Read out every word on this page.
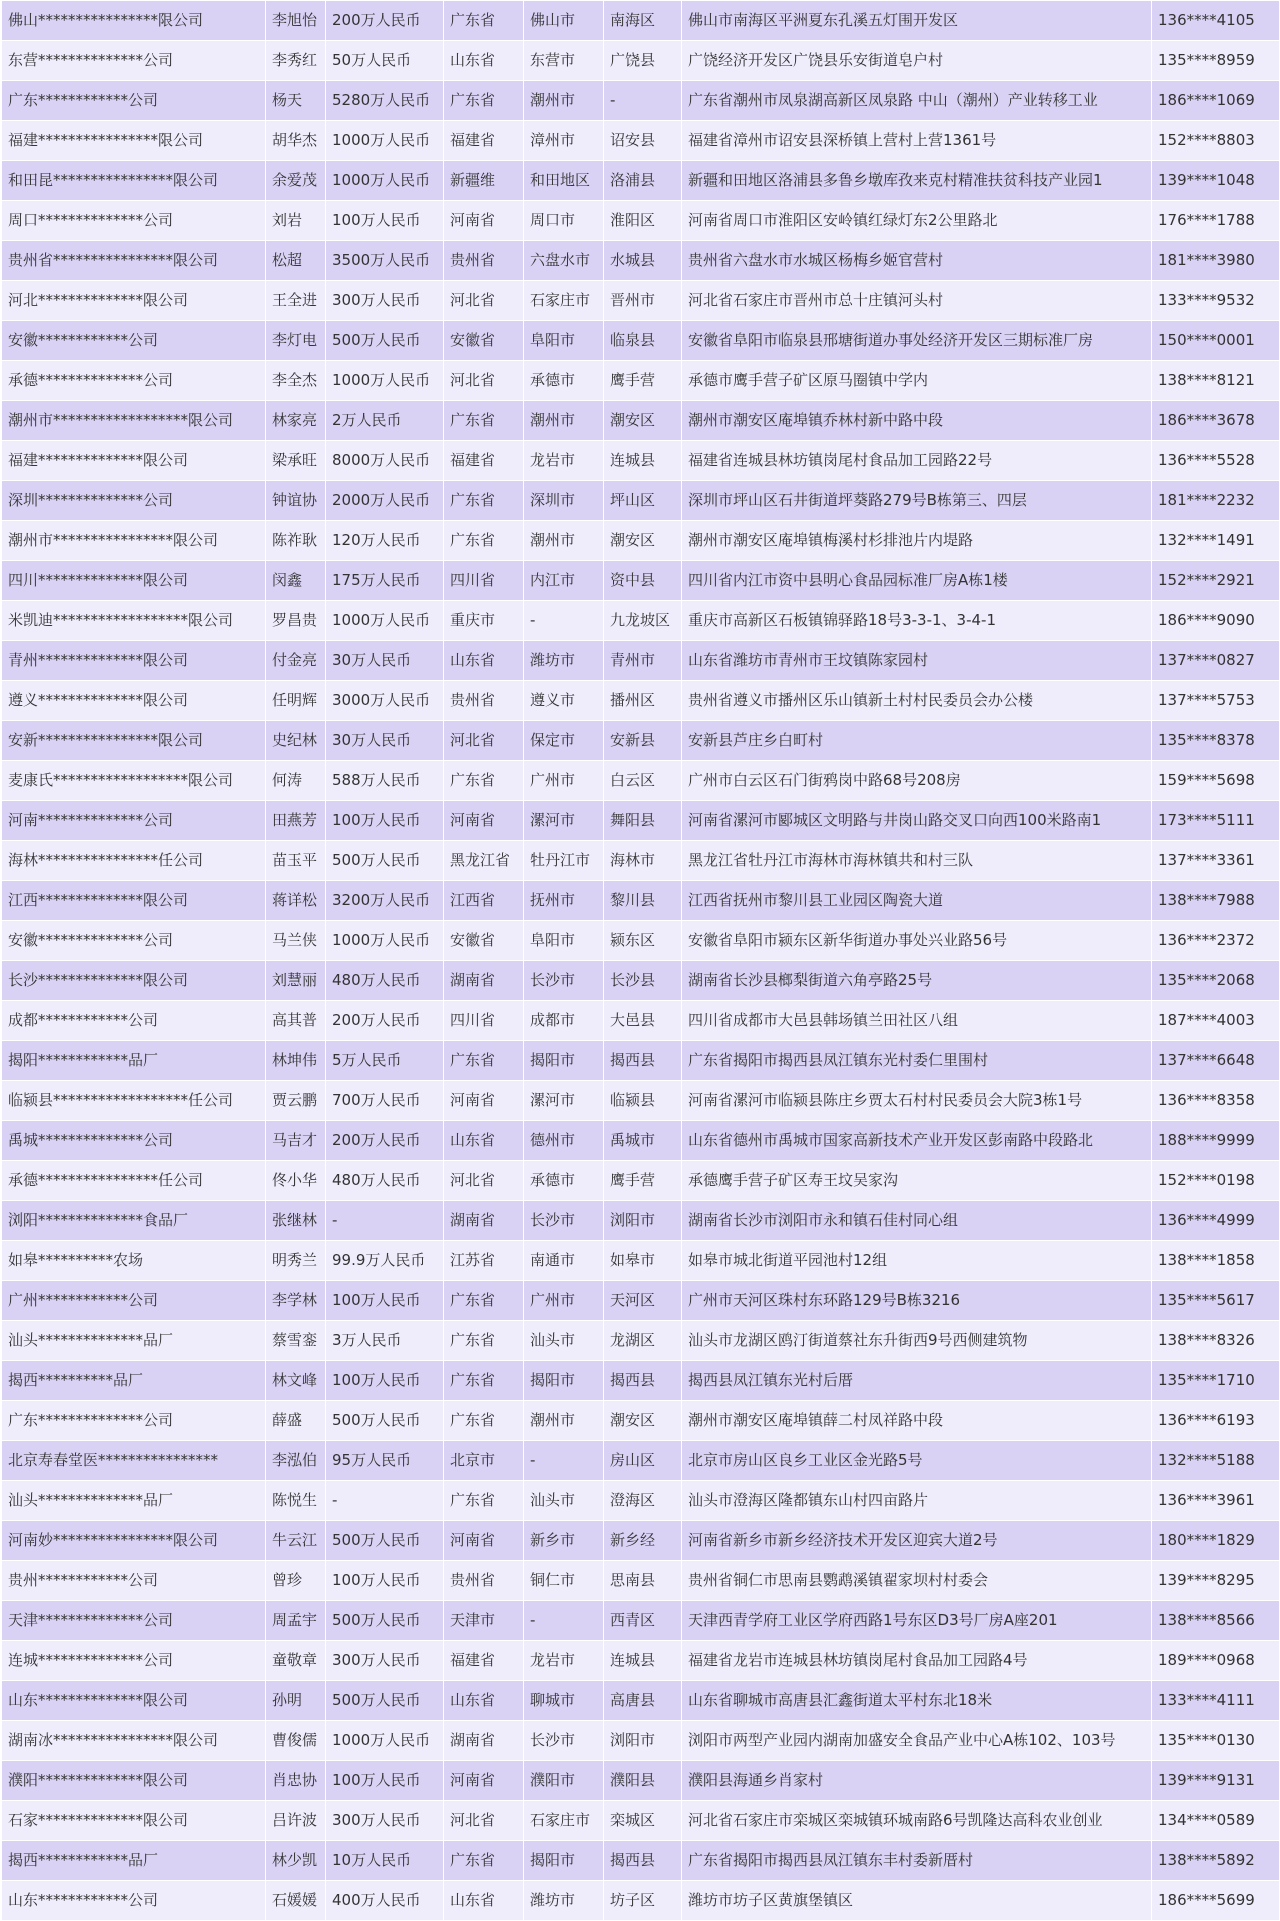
佛山****************限公司	李旭怡	200万人民币	广东省	佛山市	南海区	佛山市南海区平洲夏东孔溪五灯围开发区	136****4105
东营**************公司	李秀红	50万人民币	山东省	东营市	广饶县	广饶经济开发区广饶县乐安街道皂户村	135****8959
广东************公司	杨天	5280万人民币	广东省	潮州市	-	广东省潮州市凤泉湖高新区凤泉路 中山（潮州）产业转移工业	186****1069
福建****************限公司	胡华杰	1000万人民币	福建省	漳州市	诏安县	福建省漳州市诏安县深桥镇上营村上营1361号	152****8803
和田昆****************限公司	余爱茂	1000万人民币	新疆维	和田地区	洛浦县	新疆和田地区洛浦县多鲁乡墩库孜来克村精准扶贫科技产业园1	139****1048
周口**************公司	刘岩	100万人民币	河南省	周口市	淮阳区	河南省周口市淮阳区安岭镇红绿灯东2公里路北	176****1788
贵州省****************限公司	松超	3500万人民币	贵州省	六盘水市	水城县	贵州省六盘水市水城区杨梅乡姬官营村	181****3980
河北**************限公司	王全进	300万人民币	河北省	石家庄市	晋州市	河北省石家庄市晋州市总十庄镇河头村	133****9532
安徽************公司	李灯电	500万人民币	安徽省	阜阳市	临泉县	安徽省阜阳市临泉县邢塘街道办事处经济开发区三期标准厂房	150****0001
承德**************公司	李全杰	1000万人民币	河北省	承德市	鹰手营	承德市鹰手营子矿区原马圈镇中学内	138****8121
潮州市******************限公司	林家亮	2万人民币	广东省	潮州市	潮安区	潮州市潮安区庵埠镇乔林村新中路中段	186****3678
福建**************限公司	梁承旺	8000万人民币	福建省	龙岩市	连城县	福建省连城县林坊镇岗尾村食品加工园路22号	136****5528
深圳**************公司	钟谊协	2000万人民币	广东省	深圳市	坪山区	深圳市坪山区石井街道坪葵路279号B栋第三、四层	181****2232
潮州市****************限公司	陈祚耿	120万人民币	广东省	潮州市	潮安区	潮州市潮安区庵埠镇梅溪村杉排池片内堤路	132****1491
四川**************限公司	闵鑫	175万人民币	四川省	内江市	资中县	四川省内江市资中县明心食品园标准厂房A栋1楼	152****2921
米凯迪******************限公司	罗昌贵	1000万人民币	重庆市	-	九龙坡区	重庆市高新区石板镇锦驿路18号3-3-1、3-4-1	186****9090
青州**************限公司	付金亮	30万人民币	山东省	潍坊市	青州市	山东省潍坊市青州市王坟镇陈家园村	137****0827
遵义**************限公司	任明辉	3000万人民币	贵州省	遵义市	播州区	贵州省遵义市播州区乐山镇新土村村民委员会办公楼	137****5753
安新****************限公司	史纪林	30万人民币	河北省	保定市	安新县	安新县芦庄乡白町村	135****8378
麦康氏******************限公司	何涛	588万人民币	广东省	广州市	白云区	广州市白云区石门街鸦岗中路68号208房	159****5698
河南**************公司	田燕芳	100万人民币	河南省	漯河市	舞阳县	河南省漯河市郾城区文明路与井岗山路交叉口向西100米路南1	173****5111
海林****************任公司	苗玉平	500万人民币	黑龙江省	牡丹江市	海林市	黑龙江省牡丹江市海林市海林镇共和村三队	137****3361
江西**************限公司	蒋详松	3200万人民币	江西省	抚州市	黎川县	江西省抚州市黎川县工业园区陶瓷大道	138****7988
安徽**************公司	马兰侠	1000万人民币	安徽省	阜阳市	颍东区	安徽省阜阳市颍东区新华街道办事处兴业路56号	136****2372
长沙**************限公司	刘慧丽	480万人民币	湖南省	长沙市	长沙县	湖南省长沙县榔梨街道六角亭路25号	135****2068
成都************公司	高其普	200万人民币	四川省	成都市	大邑县	四川省成都市大邑县韩场镇兰田社区八组	187****4003
揭阳************品厂	林坤伟	5万人民币	广东省	揭阳市	揭西县	广东省揭阳市揭西县凤江镇东光村委仁里围村	137****6648
临颍县******************任公司	贾云鹏	700万人民币	河南省	漯河市	临颍县	河南省漯河市临颍县陈庄乡贾太石村村民委员会大院3栋1号	136****8358
禹城**************公司	马吉才	200万人民币	山东省	德州市	禹城市	山东省德州市禹城市国家高新技术产业开发区彭南路中段路北	188****9999
承德****************任公司	佟小华	480万人民币	河北省	承德市	鹰手营	承德鹰手营子矿区寿王坟吴家沟	152****0198
浏阳**************食品厂	张继林	-	湖南省	长沙市	浏阳市	湖南省长沙市浏阳市永和镇石佳村同心组	136****4999
如皋**********农场	明秀兰	99.9万人民币	江苏省	南通市	如皋市	如皋市城北街道平园池村12组	138****1858
广州************公司	李学林	100万人民币	广东省	广州市	天河区	广州市天河区珠村东环路129号B栋3216	135****5617
汕头**************品厂	蔡雪銮	3万人民币	广东省	汕头市	龙湖区	汕头市龙湖区鸥汀街道蔡社东升街西9号西侧建筑物	138****8326
揭西**********品厂	林文峰	100万人民币	广东省	揭阳市	揭西县	揭西县凤江镇东光村后厝	135****1710
广东**************公司	薛盛	500万人民币	广东省	潮州市	潮安区	潮州市潮安区庵埠镇薛二村凤祥路中段	136****6193
北京寿春堂医****************	李泓伯	95万人民币	北京市	-	房山区	北京市房山区良乡工业区金光路5号	132****5188
汕头**************品厂	陈悦生	-	广东省	汕头市	澄海区	汕头市澄海区隆都镇东山村四亩路片	136****3961
河南妙****************限公司	牛云江	500万人民币	河南省	新乡市	新乡经	河南省新乡市新乡经济技术开发区迎宾大道2号	180****1829
贵州************公司	曾珍	100万人民币	贵州省	铜仁市	思南县	贵州省铜仁市思南县鹦鹉溪镇翟家坝村村委会	139****8295
天津**************公司	周孟宇	500万人民币	天津市	-	西青区	天津西青学府工业区学府西路1号东区D3号厂房A座201	138****8566
连城**************公司	童敬章	300万人民币	福建省	龙岩市	连城县	福建省龙岩市连城县林坊镇岗尾村食品加工园路4号	189****0968
山东**************限公司	孙明	500万人民币	山东省	聊城市	高唐县	山东省聊城市高唐县汇鑫街道太平村东北18米	133****4111
湖南冰****************限公司	曹俊儒	1000万人民币	湖南省	长沙市	浏阳市	浏阳市两型产业园内湖南加盛安全食品产业中心A栋102、103号	135****0130
濮阳**************限公司	肖忠协	100万人民币	河南省	濮阳市	濮阳县	濮阳县海通乡肖家村	139****9131
石家**************限公司	吕许波	300万人民币	河北省	石家庄市	栾城区	河北省石家庄市栾城区栾城镇环城南路6号凯隆达高科农业创业	134****0589
揭西************品厂	林少凯	10万人民币	广东省	揭阳市	揭西县	广东省揭阳市揭西县凤江镇东丰村委新厝村	138****5892
山东************公司	石媛媛	400万人民币	山东省	潍坊市	坊子区	潍坊市坊子区黄旗堡镇区	186****5699
